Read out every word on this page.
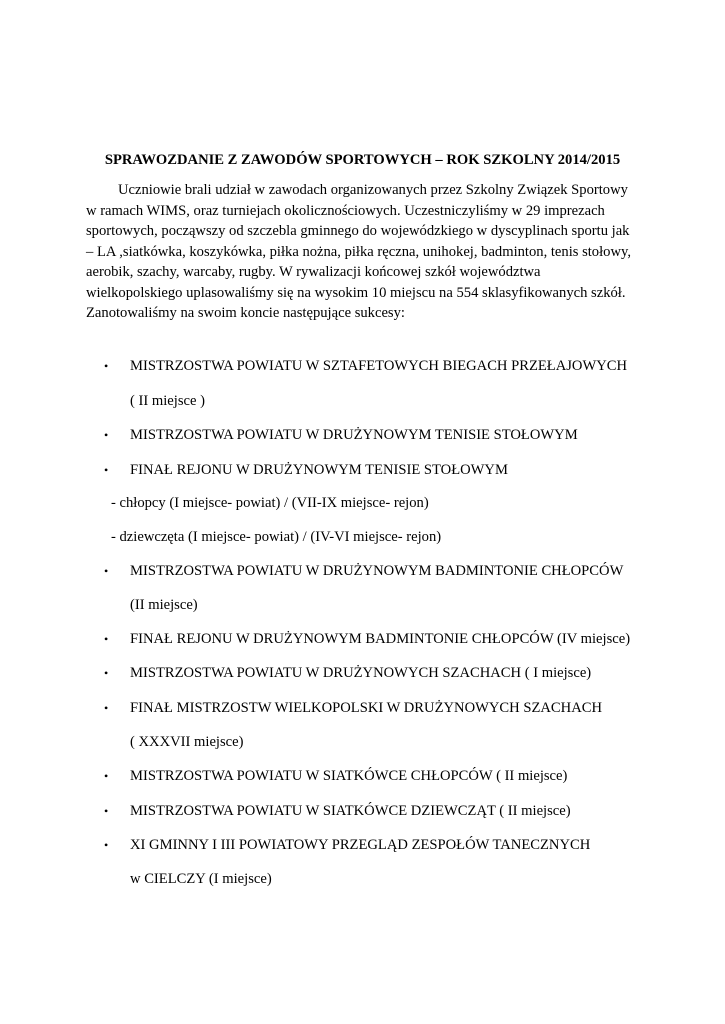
SPRAWOZDANIE Z ZAWODÓW SPORTOWYCH – ROK SZKOLNY 2014/2015
Uczniowie brali udział w zawodach organizowanych przez Szkolny Związek Sportowy
w ramach WIMS, oraz turniejach okolicznościowych. Uczestniczyliśmy w 29 imprezach
sportowych, począwszy od szczebla gminnego do wojewódzkiego w dyscyplinach sportu jak
– LA ,siatkówka, koszykówka, piłka nożna, piłka ręczna, unihokej, badminton, tenis stołowy,
aerobik, szachy, warcaby, rugby. W rywalizacji końcowej szkół województwa
wielkopolskiego uplasowaliśmy się na wysokim 10 miejscu na 554 sklasyfikowanych szkół.
Zanotowaliśmy na swoim koncie następujące sukcesy:
• MISTRZOSTWA POWIATU W SZTAFETOWYCH BIEGACH PRZEŁAJOWYCH
( II miejsce )
• MISTRZOSTWA POWIATU W DRUŻYNOWYM TENISIE STOŁOWYM
• FINAŁ REJONU W DRUŻYNOWYM TENISIE STOŁOWYM
- chłopcy (I miejsce- powiat) / (VII-IX miejsce- rejon)
- dziewczęta (I miejsce- powiat) / (IV-VI miejsce- rejon)
• MISTRZOSTWA POWIATU W DRUŻYNOWYM BADMINTONIE CHŁOPCÓW
(II miejsce)
• FINAŁ REJONU W DRUŻYNOWYM BADMINTONIE CHŁOPCÓW (IV miejsce)
• MISTRZOSTWA POWIATU W DRUŻYNOWYCH SZACHACH ( I miejsce)
• FINAŁ MISTRZOSTW WIELKOPOLSKI W DRUŻYNOWYCH SZACHACH
( XXXVII miejsce)
• MISTRZOSTWA POWIATU W SIATKÓWCE CHŁOPCÓW ( II miejsce)
• MISTRZOSTWA POWIATU W SIATKÓWCE DZIEWCZĄT ( II miejsce)
• XI GMINNY I III POWIATOWY PRZEGLĄD ZESPOŁÓW TANECZNYCH
w CIELCZY (I miejsce)
